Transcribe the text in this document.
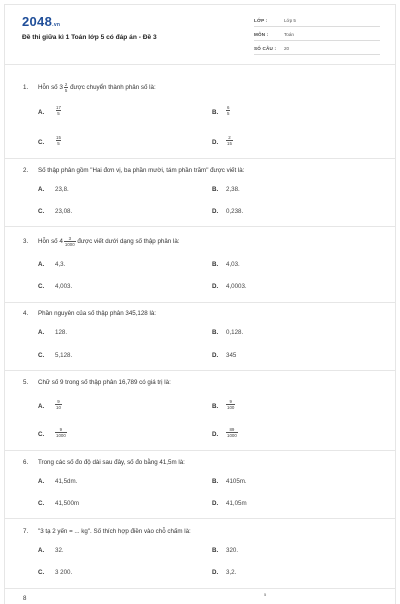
2048.vn
Đề thi giữa kì 1 Toán lớp 5 có đáp án - Đề 3
LỚP :	Lớp 5
MÔN :	Toán
SỐ CÂU : 20
1. Hỗn số $3 \frac{2}{5}$ được chuyển thành phân số là:
A. $\frac{17}{5}$	B. $\frac{6}{5}$
C. $\frac{15}{5}$	D. $\frac{2}{15}$
2. Số thập phân gồm "Hai đơn vị, ba phần mười, tám phần trăm" được viết là:
A. 23,8.	B. 2,38.
C. 23,08.	D. 0,238.
3. Hỗn số $4 \frac{3}{1000}$ được viết dưới dạng số thập phân là:
A. 4,3.	B. 4,03.
C. 4,003.	D. 4,0003.
4. Phần nguyên của số thập phân 345,128 là:
A. 128.	B. 0,128.
C. 5,128.	D. 345
5. Chữ số 9 trong số thập phân 16,789 có giá trị là:
A. $\frac{9}{10}$	B. $\frac{9}{100}$
C. $\frac{9}{1000}$	D. $\frac{89}{1000}$
6. Trong các số đo độ dài sau đây, số đo bằng 41,5m là:
A. 41,5dm.	B. 4105m.
C. 41,500m	D. 41,05m
7. "3 tạ 2 yến = ... kg". Số thích hợp điền vào chỗ chấm là:
A. 32.	B. 320.
C. 3 200.	D. 3,2.
8
5
